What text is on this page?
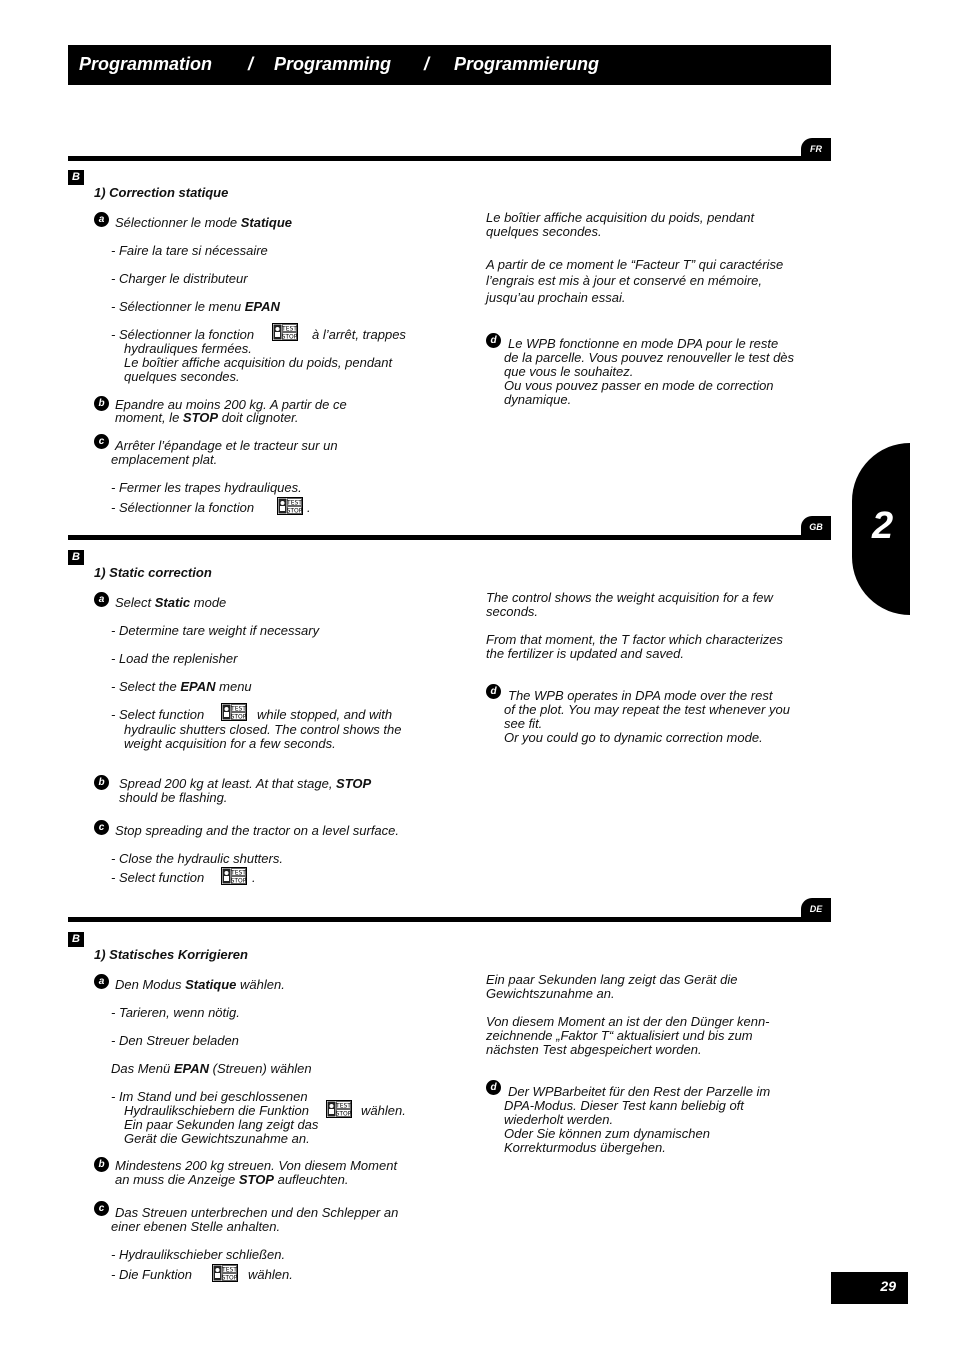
Programmation / Programming / Programmierung
2
FR
B
1) Correction statique
a Sélectionner le mode Statique
- Faire la tare si nécessaire
- Charger le distributeur
- Sélectionner le menu EPAN
- Sélectionner la fonction	à l’arrêt, trappes
hydrauliques fermées.
Le boîtier affiche acquisition du poids, pendant
quelques secondes.
b Epandre au moins 200 kg. A partir de ce
moment, le STOP doit clignoter.
c Arrêter l’épandage et le tracteur sur un
emplacement plat.
- Fermer les trapes hydrauliques.
- Sélectionner la fonction	.
Le boîtier affiche acquisition du poids, pendant
quelques secondes.
A partir de ce moment le “Facteur T” qui caractérise
l’engrais est mis à jour et conservé en mémoire,
jusqu’au prochain essai.
d Le WPB fonctionne en mode DPA pour le reste
de la parcelle. Vous pouvez renouveller le test dès
que vous le souhaitez.
Ou vous pouvez passer en mode de correction
dynamique.
GB
B
1) Static correction
a Select Static mode
- Determine tare weight if necessary
- Load the replenisher
- Select the EPAN menu
- Select function	while stopped, and with
hydraulic shutters closed. The control shows the
weight acquisition for a few seconds.
b	Spread 200 kg at least. At that stage, STOP
should be flashing.
c Stop spreading and the tractor on a level surface.
- Close the hydraulic shutters.
- Select function	.
The control shows the weight acquisition for a few
seconds.
From that moment, the T factor which characterizes
the fertilizer is updated and saved.
d The WPB operates in DPA mode over the rest
of the plot. You may repeat the test whenever you
see fit.
Or you could go to dynamic correction mode.
DE
B
1) Statisches Korrigieren
a Den Modus Statique wählen.
- Tarieren, wenn nötig.
- Den Streuer beladen
Das Menü EPAN (Streuen) wählen
- Im Stand und bei geschlossenen
Hydraulikschiebern die Funktion	wählen.
Ein paar Sekunden lang zeigt das
Gerät die Gewichtszunahme an.
b Mindestens 200 kg streuen. Von diesem Moment
an muss die Anzeige STOP aufleuchten.
c Das Streuen unterbrechen und den Schlepper an
einer ebenen Stelle anhalten.
- Hydraulikschieber schließen.
- Die Funktion	wählen.
Ein paar Sekunden lang zeigt das Gerät die
Gewichtszunahme an.
Von diesem Moment an ist der den Dünger kenn-
zeichnende „Faktor T“ aktualisiert und bis zum
nächsten Test abgespeichert worden.
d Der WPBarbeitet für den Rest der Parzelle im
DPA-Modus. Dieser Test kann beliebig oft
wiederholt werden.
Oder Sie können zum dynamischen
Korrekturmodus übergehen.
29
